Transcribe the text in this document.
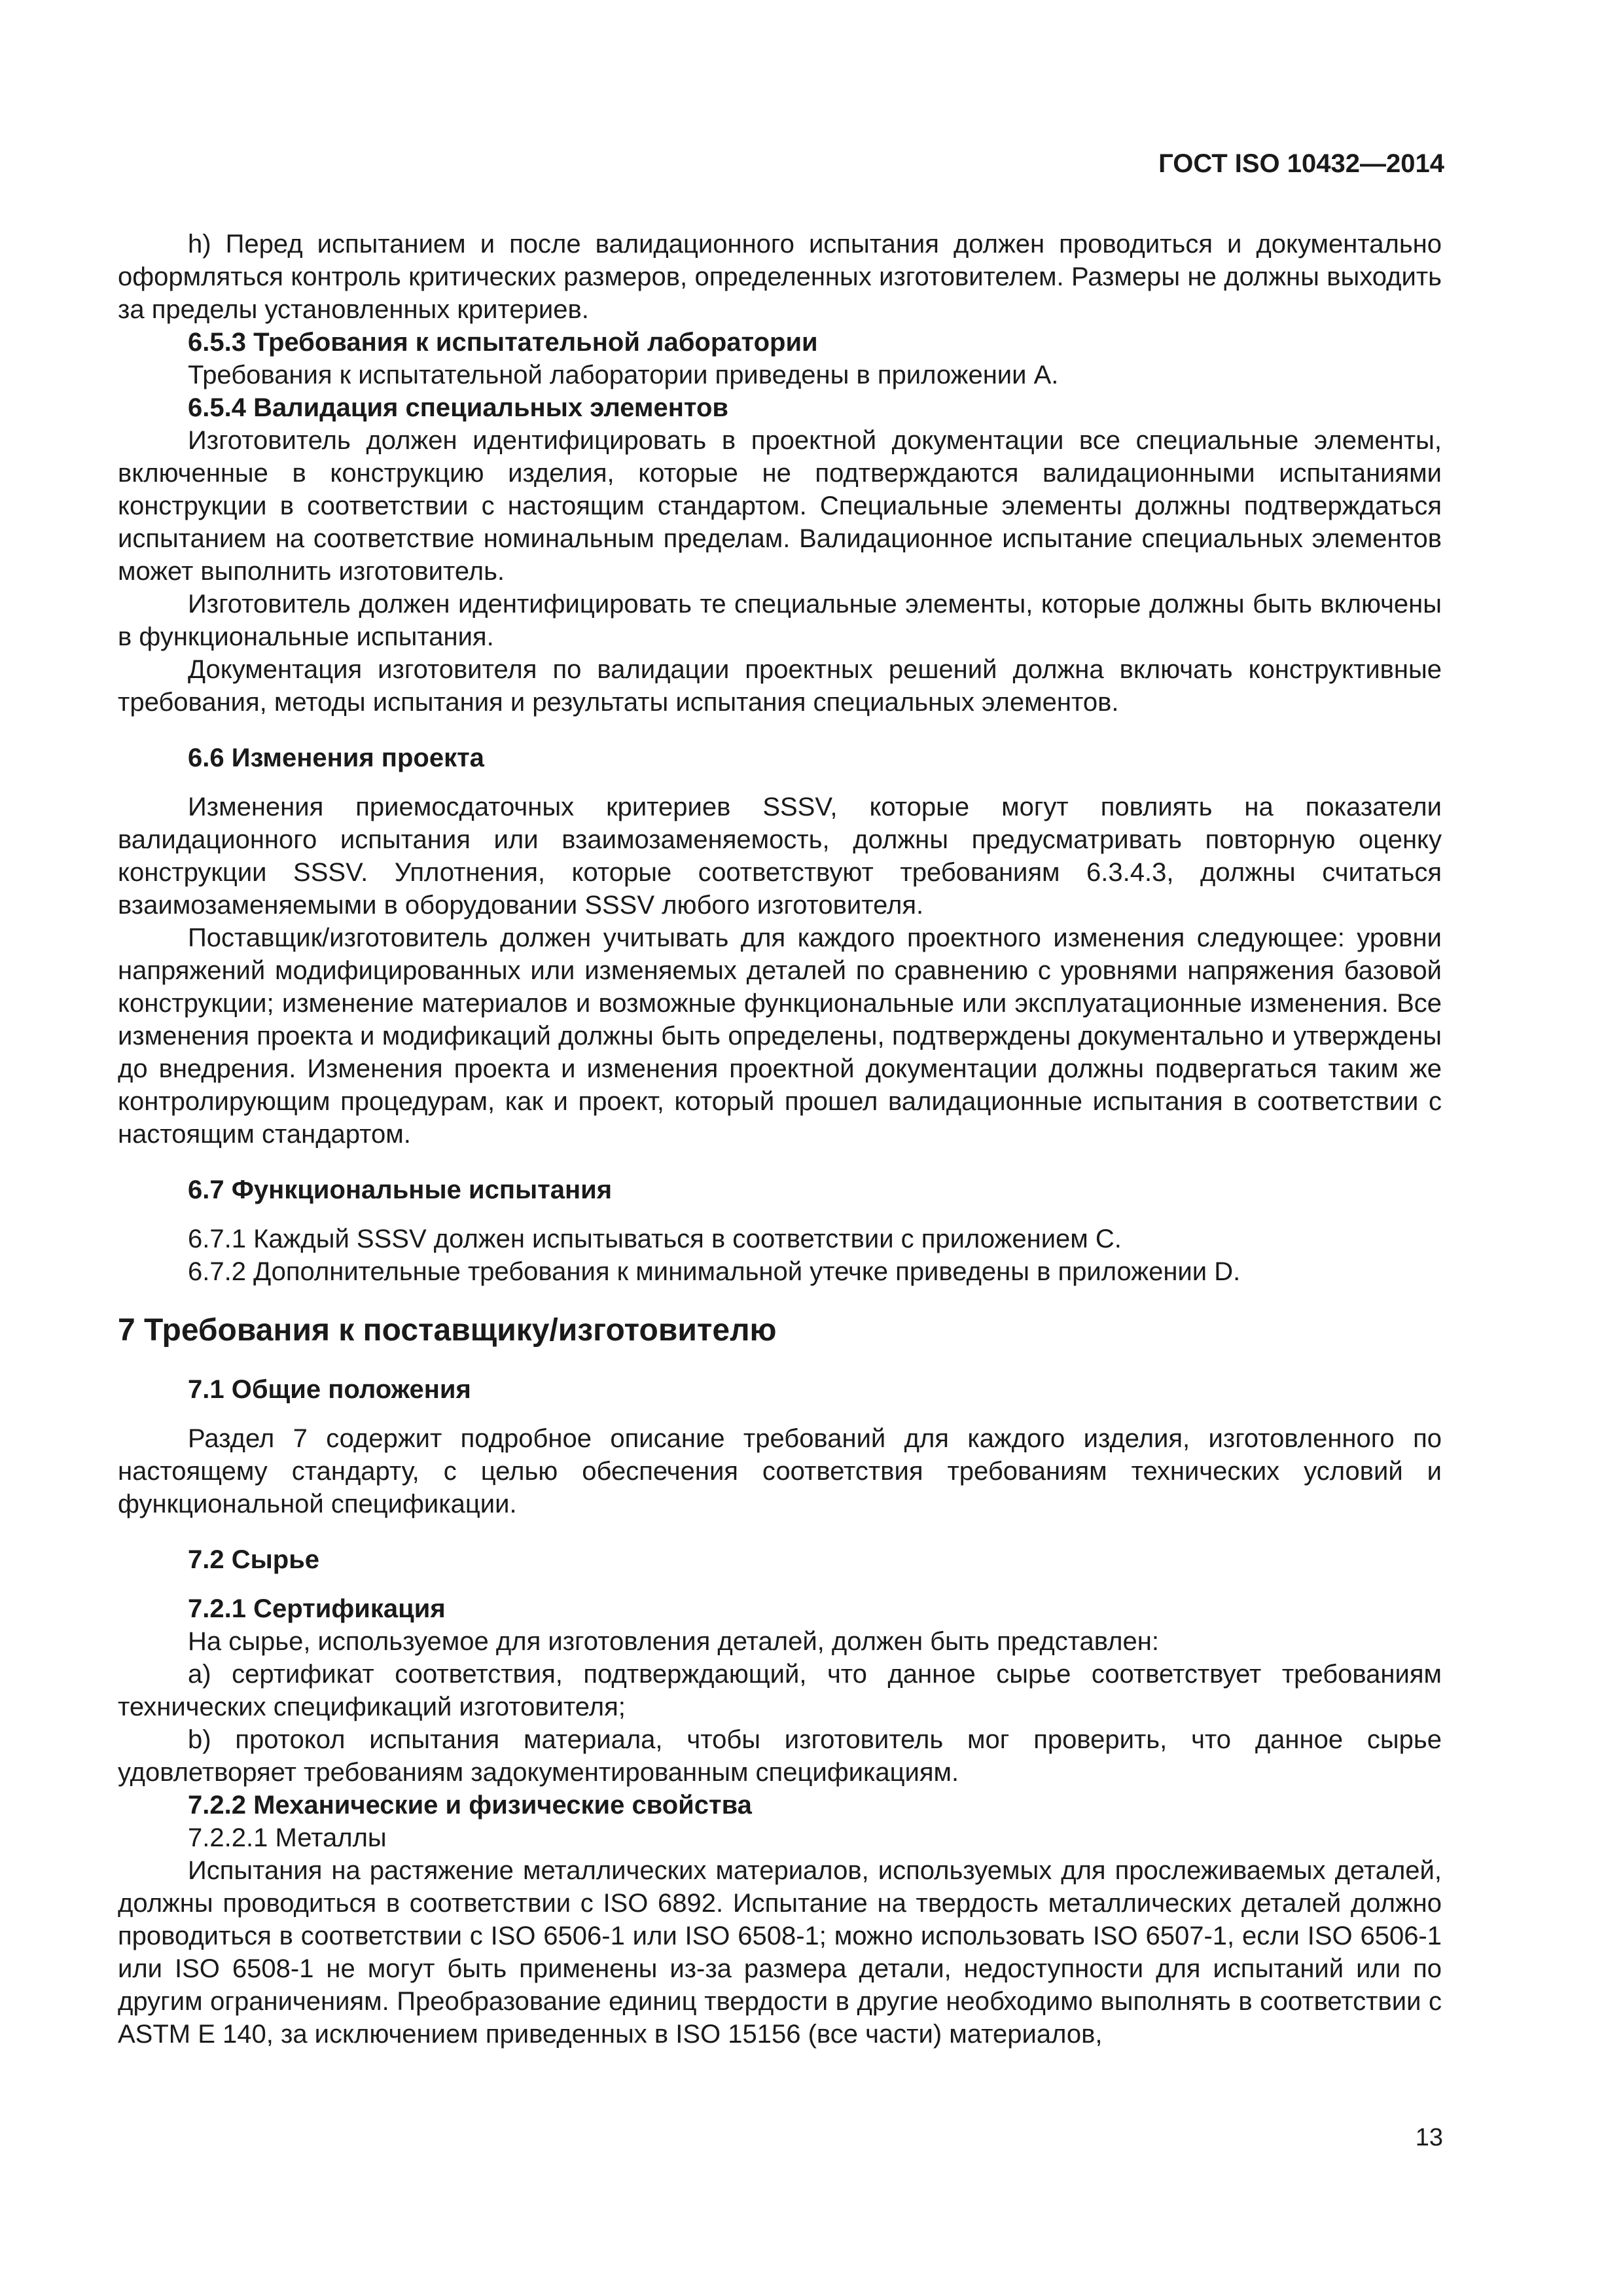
ГОСТ ISO 10432—2014

h) Перед испытанием и после валидационного испытания должен проводиться и документально оформляться контроль критических размеров, определенных изготовителем. Размеры не должны выходить за пределы установленных критериев.

6.5.3 Требования к испытательной лаборатории

Требования к испытательной лаборатории приведены в приложении А.

6.5.4 Валидация специальных элементов

Изготовитель должен идентифицировать в проектной документации все специальные элементы, включенные в конструкцию изделия, которые не подтверждаются валидационными испытаниями конструкции в соответствии с настоящим стандартом. Специальные элементы должны подтверждаться испытанием на соответствие номинальным пределам. Валидационное испытание специальных элементов может выполнить изготовитель.

Изготовитель должен идентифицировать те специальные элементы, которые должны быть включены в функциональные испытания.

Документация изготовителя по валидации проектных решений должна включать конструктивные требования, методы испытания и результаты испытания специальных элементов.

6.6 Изменения проекта

Изменения приемосдаточных критериев SSSV, которые могут повлиять на показатели валидационного испытания или взаимозаменяемость, должны предусматривать повторную оценку конструкции SSSV. Уплотнения, которые соответствуют требованиям 6.3.4.3, должны считаться взаимозаменяемыми в оборудовании SSSV любого изготовителя.

Поставщик/изготовитель должен учитывать для каждого проектного изменения следующее: уровни напряжений модифицированных или изменяемых деталей по сравнению с уровнями напряжения базовой конструкции; изменение материалов и возможные функциональные или эксплуатационные изменения. Все изменения проекта и модификаций должны быть определены, подтверждены документально и утверждены до внедрения. Изменения проекта и изменения проектной документации должны подвергаться таким же контролирующим процедурам, как и проект, который прошел валидационные испытания в соответствии с настоящим стандартом.

6.7 Функциональные испытания

6.7.1 Каждый SSSV должен испытываться в соответствии с приложением С.

6.7.2 Дополнительные требования к минимальной утечке приведены в приложении D.

7 Требования к поставщику/изготовителю

7.1 Общие положения

Раздел 7 содержит подробное описание требований для каждого изделия, изготовленного по настоящему стандарту, с целью обеспечения соответствия требованиям технических условий и функциональной спецификации.

7.2 Сырье

7.2.1 Сертификация

На сырье, используемое для изготовления деталей, должен быть представлен:

а) сертификат соответствия, подтверждающий, что данное сырье соответствует требованиям технических спецификаций изготовителя;

b) протокол испытания материала, чтобы изготовитель мог проверить, что данное сырье удовлетворяет требованиям задокументированным спецификациям.

7.2.2 Механические и физические свойства

7.2.2.1 Металлы

Испытания на растяжение металлических материалов, используемых для прослеживаемых деталей, должны проводиться в соответствии с ISO 6892. Испытание на твердость металлических деталей должно проводиться в соответствии с ISO 6506-1 или ISO 6508-1; можно использовать ISO 6507-1, если ISO 6506-1 или ISO 6508-1 не могут быть применены из-за размера детали, недоступности для испытаний или по другим ограничениям. Преобразование единиц твердости в другие необходимо выполнять в соответствии с ASTM E 140, за исключением приведенных в ISO 15156 (все части) материалов,

13
